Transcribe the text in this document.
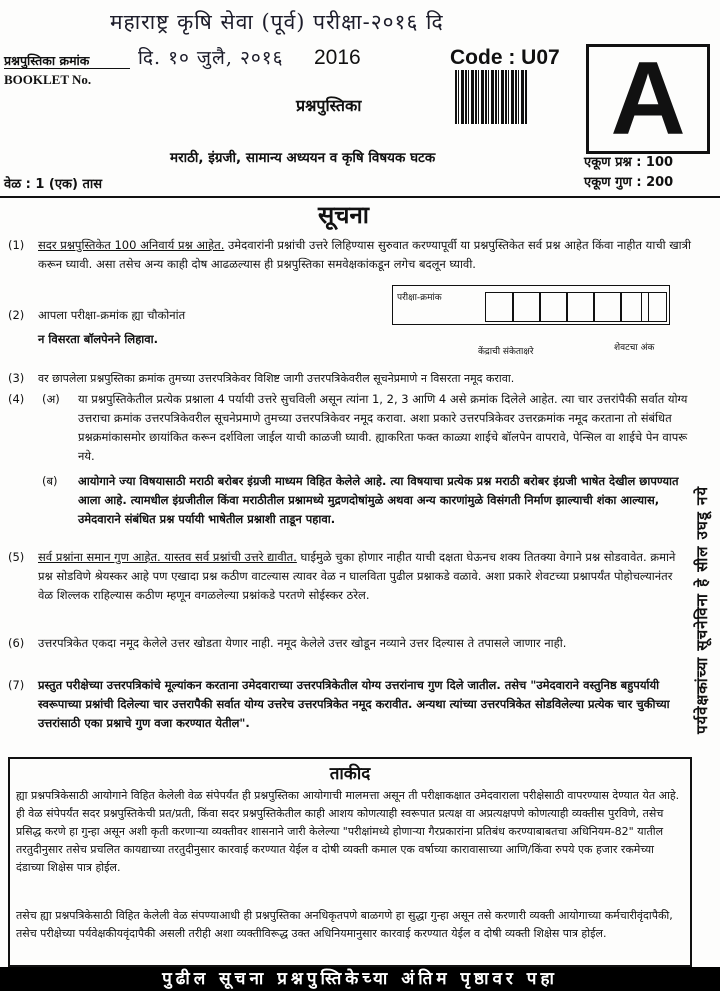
महाराष्ट्र कृषि सेवा (पूर्व) परीक्षा-२०१६ दि
प्रश्नपुस्तिका क्रमांक
BOOKLET No.
दि. १० जुलै, २०१६ 2016	Code : U07 A
प्रश्नपुस्तिका
मराठी, इंग्रजी, सामान्य अध्ययन व कृषि विषयक घटक	एकूण प्रश्न : 100
एकूण गुण : 200
वेळ : 1 (एक) तास
सूचना
(1)	सदर प्रश्नपुस्तिकेत 100 अनिवार्य प्रश्न आहेत. उमेदवारांनी प्रश्नांची उत्तरे लिहिण्यास सुरुवात करण्यापूर्वी या प्रश्नपुस्तिकेत सर्व प्रश्न आहेत किंवा नाहीत याची खात्री करून घ्यावी. असा तसेच अन्य काही दोष आढळल्यास ही प्रश्नपुस्तिका समवेक्षकांकडून लगेच बदलून घ्यावी.
परीक्षा-क्रमांक
केंद्राची संकेताक्षरे	शेवटचा अंक
(2)	आपला परीक्षा-क्रमांक ह्या चौकोनांत
न विसरता बॉलपेनने लिहावा.
(3)	वर छापलेला प्रश्नपुस्तिका क्रमांक तुमच्या उत्तरपत्रिकेवर विशिष्ट जागी उत्तरपत्रिकेवरील सूचनेप्रमाणे न विसरता नमूद करावा.
(4)	(अ) या प्रश्नपुस्तिकेतील प्रत्येक प्रश्नाला 4 पर्यायी उत्तरे सुचविली असून त्यांना 1, 2, 3 आणि 4 असे क्रमांक दिलेले आहेत. त्या चार उत्तरांपैकी सर्वात योग्य उत्तराचा क्रमांक उत्तरपत्रिकेवरील सूचनेप्रमाणे तुमच्या उत्तरपत्रिकेवर नमूद करावा. अशा प्रकारे उत्तरपत्रिकेवर उत्तरक्रमांक नमूद करताना तो संबंधित प्रश्नक्रमांकासमोर छायांकित करून दर्शविला जाईल याची काळजी घ्यावी. ह्याकरिता फक्त काळ्या शाईचे बॉलपेन वापरावे, पेन्सिल वा शाईचे पेन वापरू नये.
(ब) आयोगाने ज्या विषयासाठी मराठी बरोबर इंग्रजी माध्यम विहित केलेले आहे. त्या विषयाचा प्रत्येक प्रश्न मराठी बरोबर इंग्रजी भाषेत देखील छापण्यात आला आहे. त्यामधील इंग्रजीतील किंवा मराठीतील प्रश्नामध्ये मुद्रणदोषांमुळे अथवा अन्य कारणांमुळे विसंगती निर्माण झाल्याची शंका आल्यास, उमेदवाराने संबंधित प्रश्न पर्यायी भाषेतील प्रश्नाशी ताडून पहावा.
(5)	सर्व प्रश्नांना समान गुण आहेत. यास्तव सर्व प्रश्नांची उत्तरे द्यावीत. घाईमुळे चुका होणार नाहीत याची दक्षता घेऊनच शक्य तितक्या वेगाने प्रश्न सोडवावेत. क्रमाने प्रश्न सोडविणे श्रेयस्कर आहे पण एखादा प्रश्न कठीण वाटल्यास त्यावर वेळ न घालविता पुढील प्रश्नाकडे वळावे. अशा प्रकारे शेवटच्या प्रश्नापर्यंत पोहोचल्यानंतर वेळ शिल्लक राहिल्यास कठीण म्हणून वगळलेल्या प्रश्नांकडे परतणे सोईस्कर ठरेल.
(6)	उत्तरपत्रिकेत एकदा नमूद केलेले उत्तर खोडता येणार नाही. नमूद केलेले उत्तर खोडून नव्याने उत्तर दिल्यास ते तपासले जाणार नाही.
(7)	प्रस्तुत परीक्षेच्या उत्तरपत्रिकांचे मूल्यांकन करताना उमेदवाराच्या उत्तरपत्रिकेतील योग्य उत्तरांनाच गुण दिले जातील. तसेच "उमेदवाराने वस्तुनिष्ठ बहुपर्यायी स्वरूपाच्या प्रश्नांची दिलेल्या चार उत्तरापैकी सर्वात योग्य उत्तरेच उत्तरपत्रिकेत नमूद करावीत. अन्यथा त्यांच्या उत्तरपत्रिकेत सोडविलेल्या प्रत्येक चार चुकीच्या उत्तरांसाठी एका प्रश्नाचे गुण वजा करण्यात येतील".	पर्यवेक्षकांच्या सूचनेविना हे सील उघडू नये
ताकीद
ह्या प्रश्नपत्रिकेसाठी आयोगाने विहित केलेली वेळ संपेपर्यंत ही प्रश्नपुस्तिका आयोगाची मालमत्ता असून ती परीक्षाकक्षात उमेदवाराला परीक्षेसाठी वापरण्यास देण्यात येत आहे. ही वेळ संपेपर्यंत सदर प्रश्नपुस्तिकेची प्रत/प्रती, किंवा सदर प्रश्नपुस्तिकेतील काही आशय कोणत्याही स्वरूपात प्रत्यक्ष वा अप्रत्यक्षपणे कोणत्याही व्यक्तीस पुरविणे, तसेच प्रसिद्ध करणे हा गुन्हा असून अशी कृती करणाऱ्या व्यक्तीवर शासनाने जारी केलेल्या "परीक्षांमध्ये होणाऱ्या गैरप्रकारांना प्रतिबंध करण्याबाबतचा अधिनियम-82" यातील तरतुदीनुसार तसेच प्रचलित कायद्याच्या तरतुदीनुसार कारवाई करण्यात येईल व दोषी व्यक्ती कमाल एक वर्षाच्या कारावासाच्या आणि/किंवा रुपये एक हजार रकमेच्या दंडाच्या शिक्षेस पात्र होईल.
तसेच ह्या प्रश्नपत्रिकेसाठी विहित केलेली वेळ संपण्याआधी ही प्रश्नपुस्तिका अनधिकृतपणे बाळगणे हा सुद्धा गुन्हा असून तसे करणारी व्यक्ती आयोगाच्या कर्मचारीवृंदापैकी, तसेच परीक्षेच्या पर्यवेक्षकीयवृंदापैकी असली तरीही अशा व्यक्तीविरूद्ध उक्त अधिनियमानुसार कारवाई करण्यात येईल व दोषी व्यक्ती शिक्षेस पात्र होईल.
पुढील सूचना प्रश्नपुस्तिकेच्या अंतिम पृष्ठावर पहा
